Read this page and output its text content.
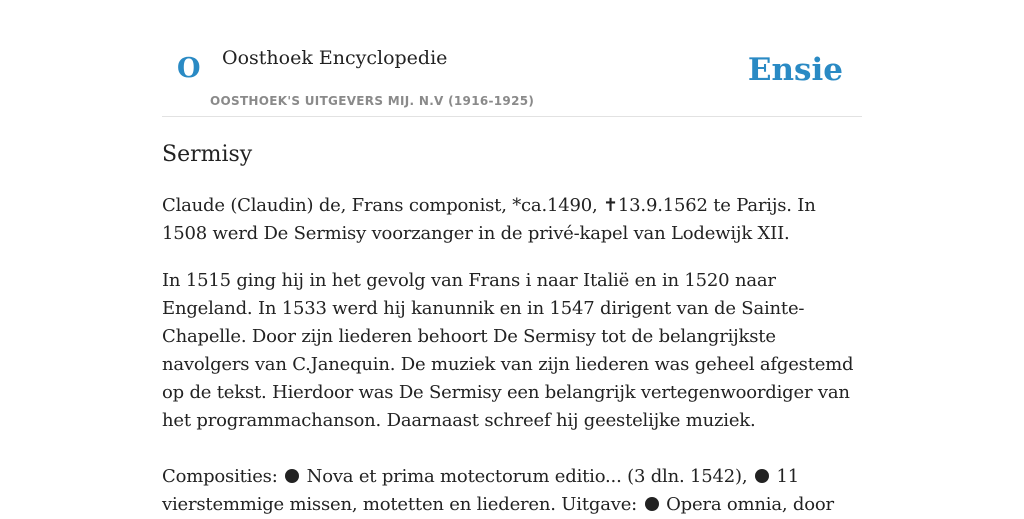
O Oosthoek Encyclopedie
OOSTHOEK'S UITGEVERS MIJ. N.V (1916-1925)
Ensie
Sermisy

Claude (Claudin) de, Frans componist, *ca.1490, ✝13.9.1562 te Parijs. In 1508 werd De Sermisy voorzanger in de privé-kapel van Lodewijk XII.

In 1515 ging hij in het gevolg van Frans i naar Italië en in 1520 naar Engeland. In 1533 werd hij kanunnik en in 1547 dirigent van de Sainte-Chapelle. Door zijn liederen behoort De Sermisy tot de belangrijkste navolgers van C.Janequin. De muziek van zijn liederen was geheel afgestemd op de tekst. Hierdoor was De Sermisy een belangrijk vertegenwoordiger van het programmachanson. Daarnaast schreef hij geestelijke muziek.

Composities: Nova et prima motectorum editio... (3 dln. 1542), 11 vierstemmige missen, motetten en liederen. Uitgave: Opera omnia, door
